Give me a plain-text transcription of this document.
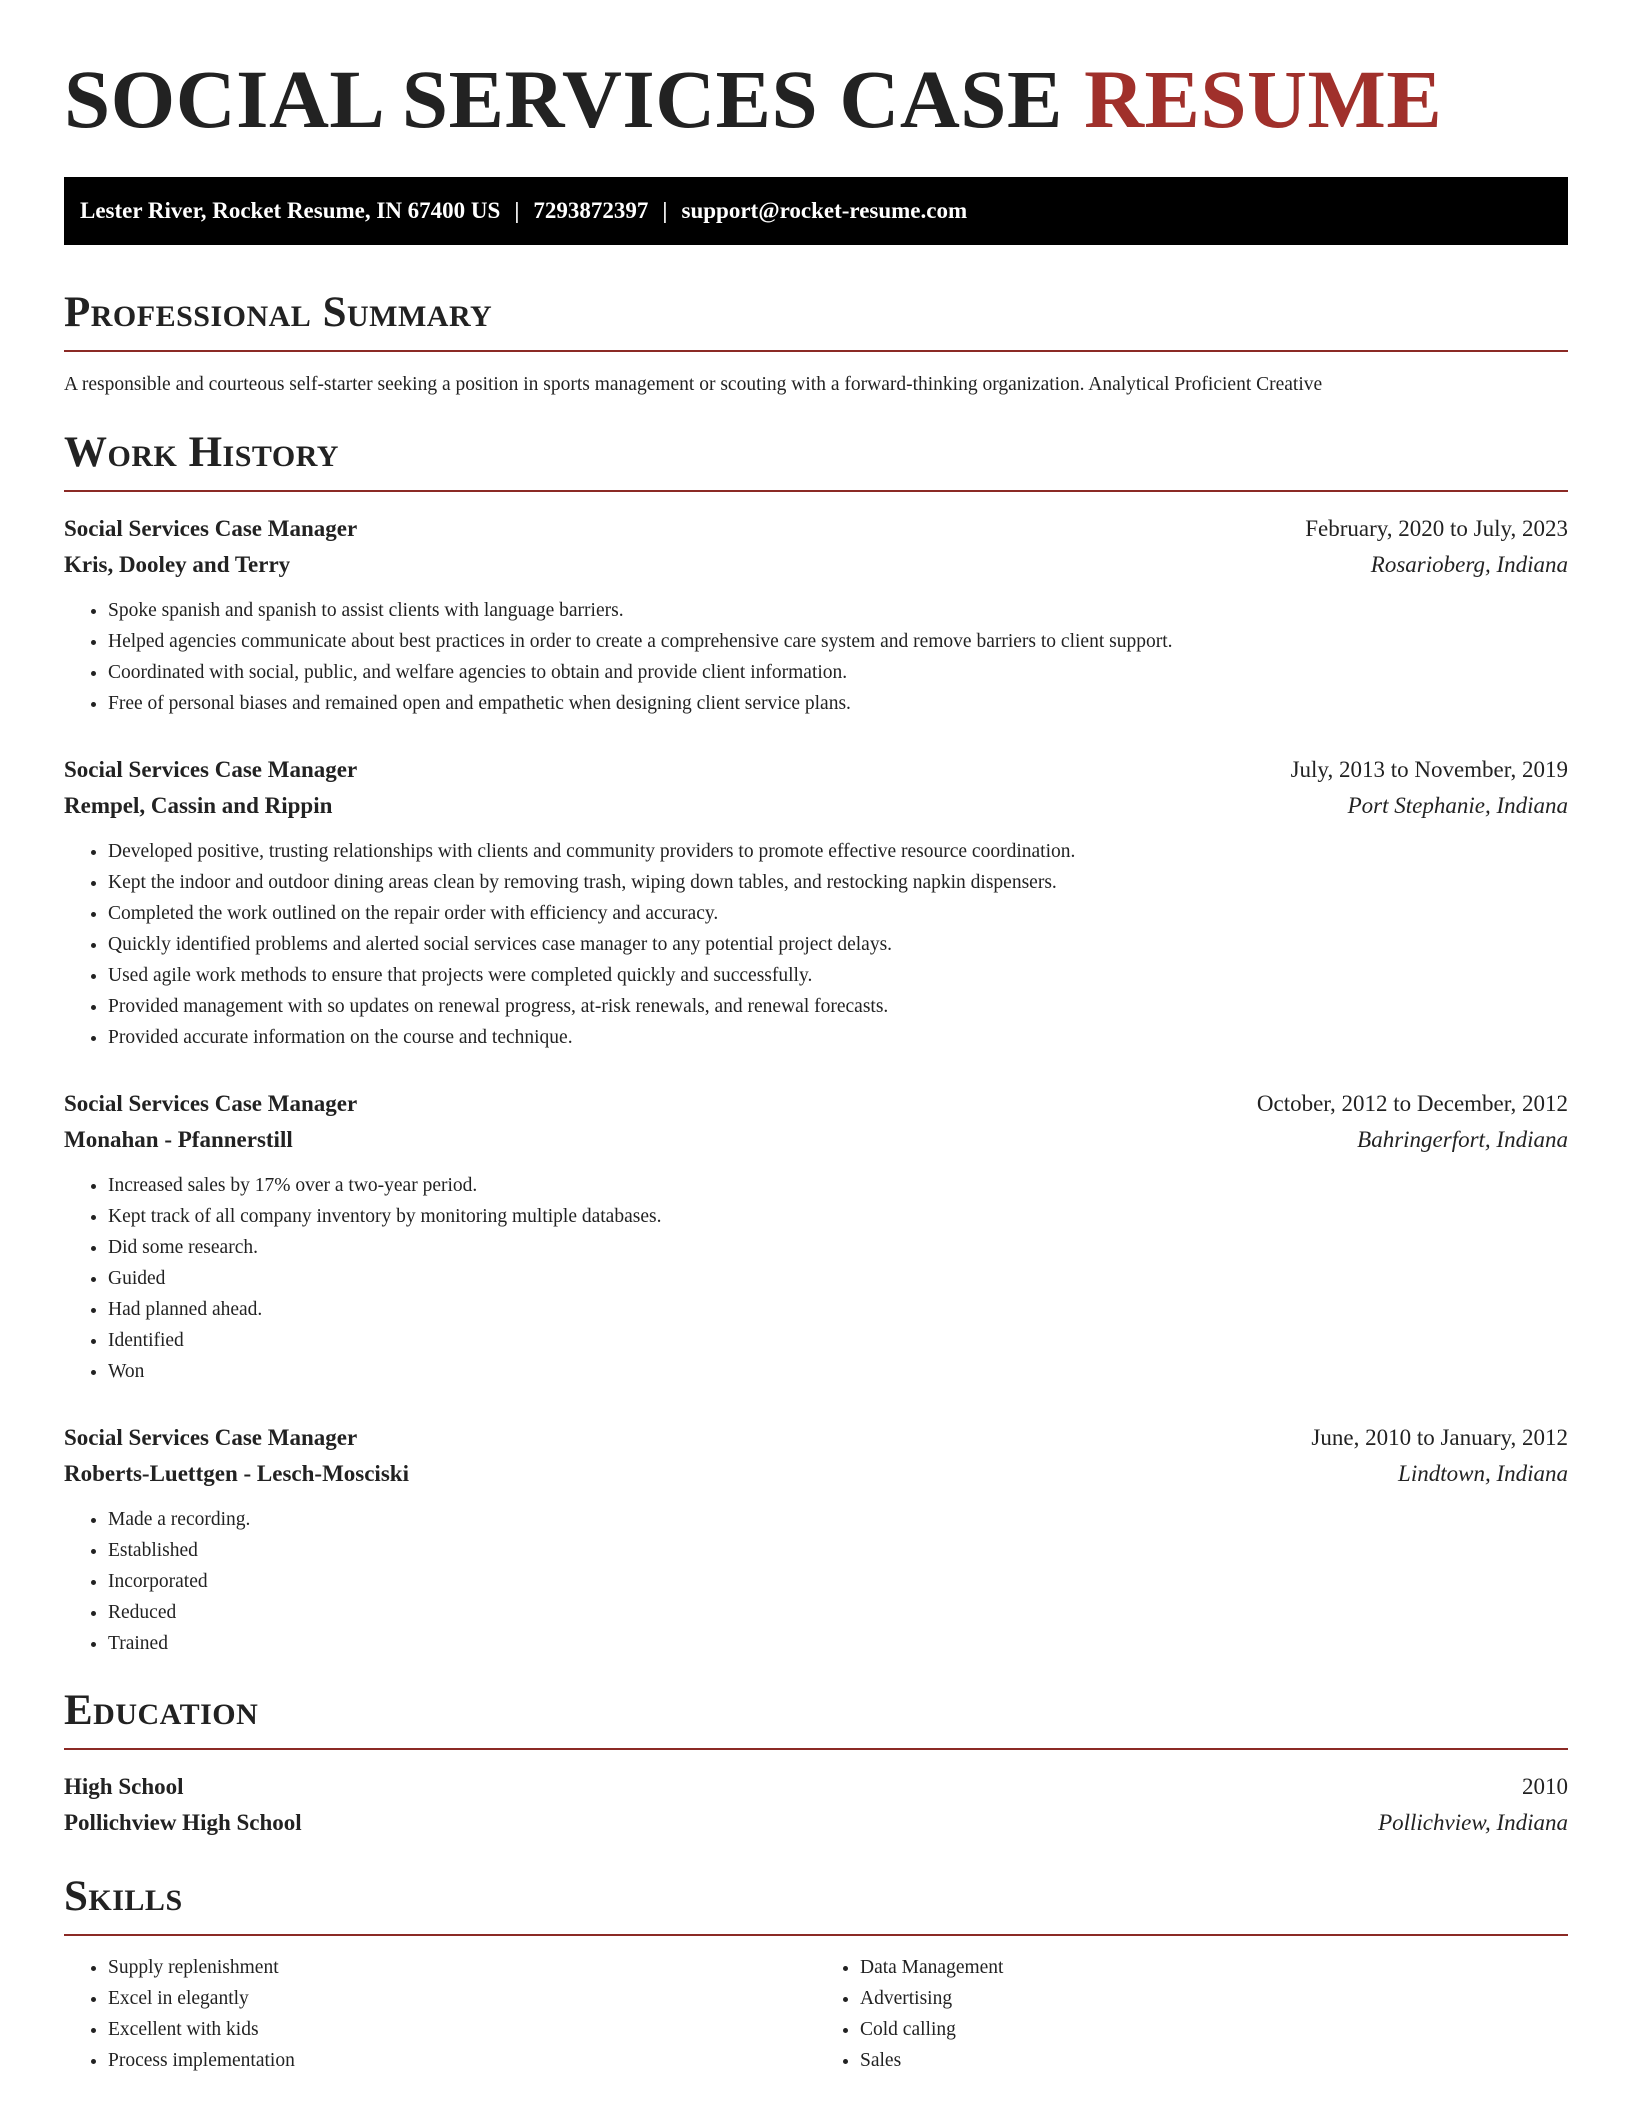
SOCIAL SERVICES CASE RESUME
Lester River, Rocket Resume, IN 67400 US | 7293872397 | support@rocket-resume.com
Professional Summary
A responsible and courteous self-starter seeking a position in sports management or scouting with a forward-thinking organization. Analytical Proficient Creative
Work History
Social Services Case Manager	February, 2020 to July, 2023
Kris, Dooley and Terry	Rosarioberg, Indiana
• Spoke spanish and spanish to assist clients with language barriers.
• Helped agencies communicate about best practices in order to create a comprehensive care system and remove barriers to client support.
• Coordinated with social, public, and welfare agencies to obtain and provide client information.
• Free of personal biases and remained open and empathetic when designing client service plans.
Social Services Case Manager	July, 2013 to November, 2019
Rempel, Cassin and Rippin	Port Stephanie, Indiana
• Developed positive, trusting relationships with clients and community providers to promote effective resource coordination.
• Kept the indoor and outdoor dining areas clean by removing trash, wiping down tables, and restocking napkin dispensers.
• Completed the work outlined on the repair order with efficiency and accuracy.
• Quickly identified problems and alerted social services case manager to any potential project delays.
• Used agile work methods to ensure that projects were completed quickly and successfully.
• Provided management with so updates on renewal progress, at-risk renewals, and renewal forecasts.
• Provided accurate information on the course and technique.
Social Services Case Manager	October, 2012 to December, 2012
Monahan - Pfannerstill	Bahringerfort, Indiana
• Increased sales by 17% over a two-year period.
• Kept track of all company inventory by monitoring multiple databases.
• Did some research.
• Guided
• Had planned ahead.
• Identified
• Won
Social Services Case Manager	June, 2010 to January, 2012
Roberts-Luettgen - Lesch-Mosciski	Lindtown, Indiana
• Made a recording.
• Established
• Incorporated
• Reduced
• Trained
Education
High School	2010
Pollichview High School	Pollichview, Indiana
Skills
• Supply replenishment
• Excel in elegantly
• Excellent with kids
• Process implementation
• Data Management
• Advertising
• Cold calling
• Sales
